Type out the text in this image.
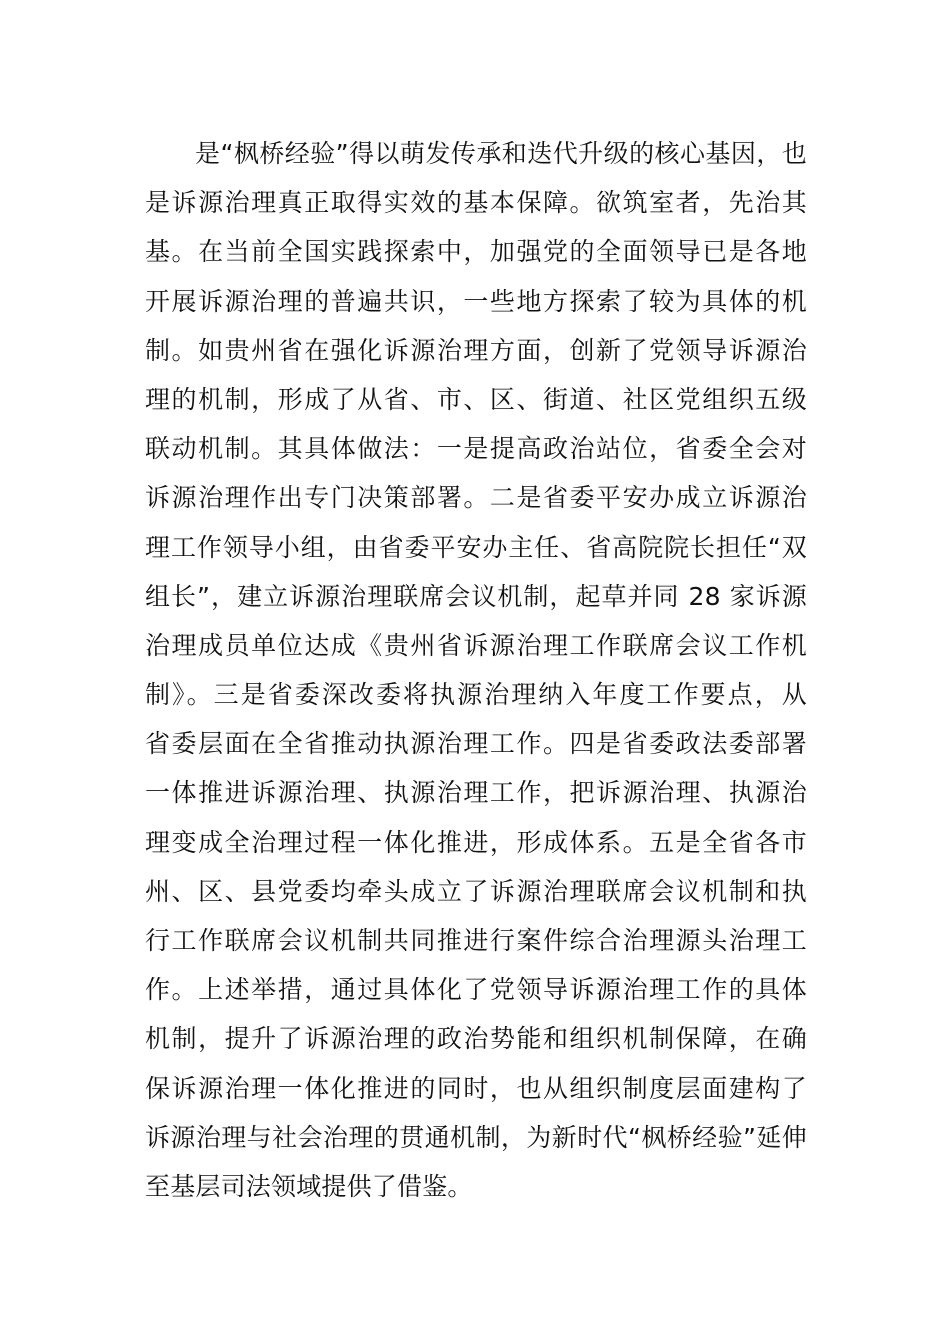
是“枫桥经验”得以萌发传承和迭代升级的核心基因，也
是诉源治理真正取得实效的基本保障。欲筑室者，先治其
基。在当前全国实践探索中，加强党的全面领导已是各地
开展诉源治理的普遍共识，一些地方探索了较为具体的机
制。如贵州省在强化诉源治理方面，创新了党领导诉源治
理的机制，形成了从省、市、区、街道、社区党组织五级
联动机制。其具体做法：一是提高政治站位，省委全会对
诉源治理作出专门决策部署。二是省委平安办成立诉源治
理工作领导小组，由省委平安办主任、省高院院长担任“双
组长”，建立诉源治理联席会议机制，起草并同 28 家诉源
治理成员单位达成《贵州省诉源治理工作联席会议工作机
制》。三是省委深改委将执源治理纳入年度工作要点，从
省委层面在全省推动执源治理工作。四是省委政法委部署
一体推进诉源治理、执源治理工作，把诉源治理、执源治
理变成全治理过程一体化推进，形成体系。五是全省各市
州、区、县党委均牵头成立了诉源治理联席会议机制和执
行工作联席会议机制共同推进行案件综合治理源头治理工
作。上述举措，通过具体化了党领导诉源治理工作的具体
机制，提升了诉源治理的政治势能和组织机制保障，在确
保诉源治理一体化推进的同时，也从组织制度层面建构了
诉源治理与社会治理的贯通机制，为新时代“枫桥经验”延伸
至基层司法领域提供了借鉴。
